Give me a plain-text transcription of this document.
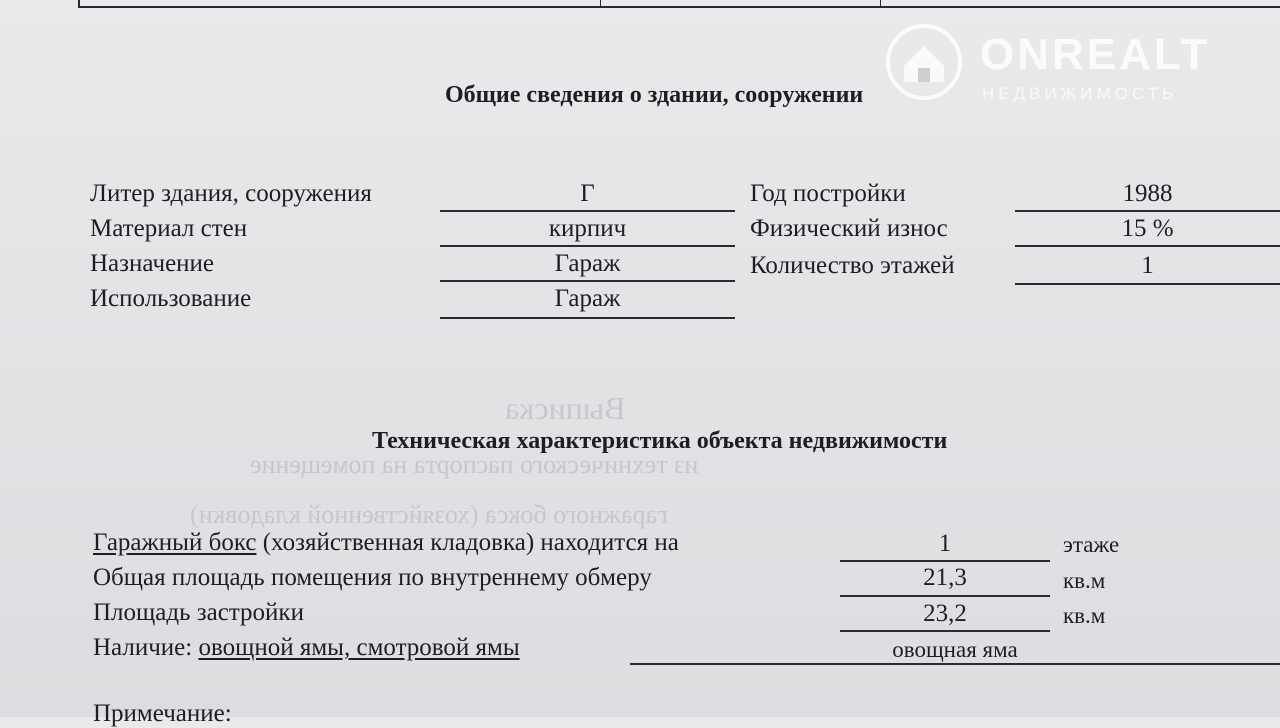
Выписка
из технического паспорта на помещение
гаражного бокса (хозяйственной кладовки)
ONREALT
НЕДВИЖИМОСТЬ
Общие сведения о здании, сооружении
Литер здания, сооружения	Г
Материал стен	кирпич
Назначение	Гараж
Использование	Гараж
Год постройки	1988
Физический износ	15 %
Количество этажей	1
Техническая характеристика объекта недвижимости
Гаражный бокс (хозяйственная кладовка) находится на	1	этаже
Общая площадь помещения по внутреннему обмеру	21,3	кв.м
Площадь застройки	23,2	кв.м
Наличие: овощной ямы, смотровой ямы	овощная яма
Примечание:
